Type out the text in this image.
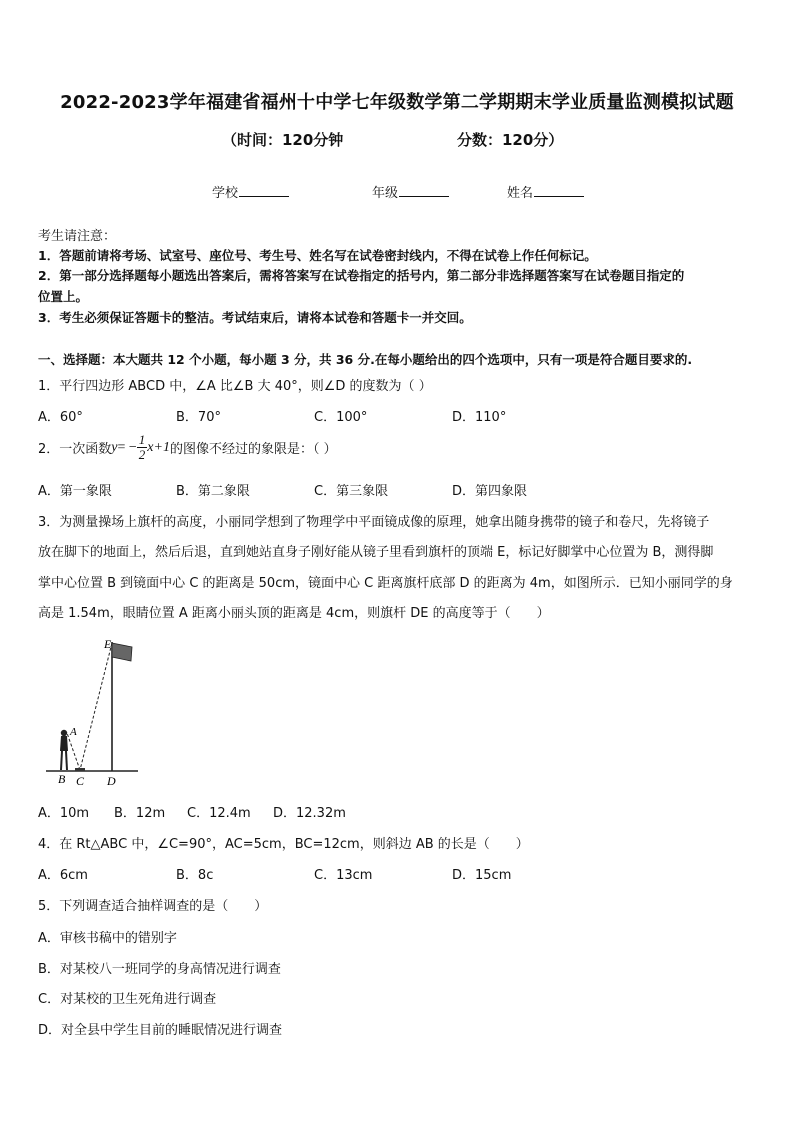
2022-2023学年福建省福州十中学七年级数学第二学期期末学业质量监测模拟试题
（时间：120分钟	分数：120分）
学校	年级	姓名
考生请注意：
1．答题前请将考场、试室号、座位号、考生号、姓名写在试卷密封线内，不得在试卷上作任何标记。
2．第一部分选择题每小题选出答案后，需将答案写在试卷指定的括号内，第二部分非选择题答案写在试卷题目指定的
位置上。
3．考生必须保证答题卡的整洁。考试结束后，请将本试卷和答题卡一并交回。
一、选择题：本大题共 12 个小题，每小题 3 分，共 36 分.在每小题给出的四个选项中，只有一项是符合题目要求的.
1．平行四边形 ABCD 中，∠A 比∠B 大 40°，则∠D 的度数为（ ）
A．60°	B．70°	C．100°	D．110°
2．一次函数 y = − $\frac{1}{2} x+1$ 的图像不经过的象限是：（ ）
A．第一象限	B．第二象限	C．第三象限	D．第四象限
3．为测量操场上旗杆的高度，小丽同学想到了物理学中平面镜成像的原理，她拿出随身携带的镜子和卷尺，先将镜子
放在脚下的地面上，然后后退，直到她站直身子刚好能从镜子里看到旗杆的顶端 E，标记好脚掌中心位置为 B，测得脚
掌中心位置 B 到镜面中心 C 的距离是 50cm，镜面中心 C 距离旗杆底部 D 的距离为 4m，如图所示．已知小丽同学的身
高是 1.54m，眼睛位置 A 距离小丽头顶的距离是 4cm，则旗杆 DE 的高度等于（　　）
E
A
B C D
A．10m B．12m C．12.4m D．12.32m
4．在 Rt△ABC 中，∠C=90°，AC=5cm，BC=12cm，则斜边 AB 的长是（　　）
A．6cm	B．8c	C．13cm	D．15cm
5．下列调查适合抽样调查的是（　　）
A．审核书稿中的错别字
B．对某校八一班同学的身高情况进行调查
C．对某校的卫生死角进行调查
D．对全县中学生目前的睡眠情况进行调查
